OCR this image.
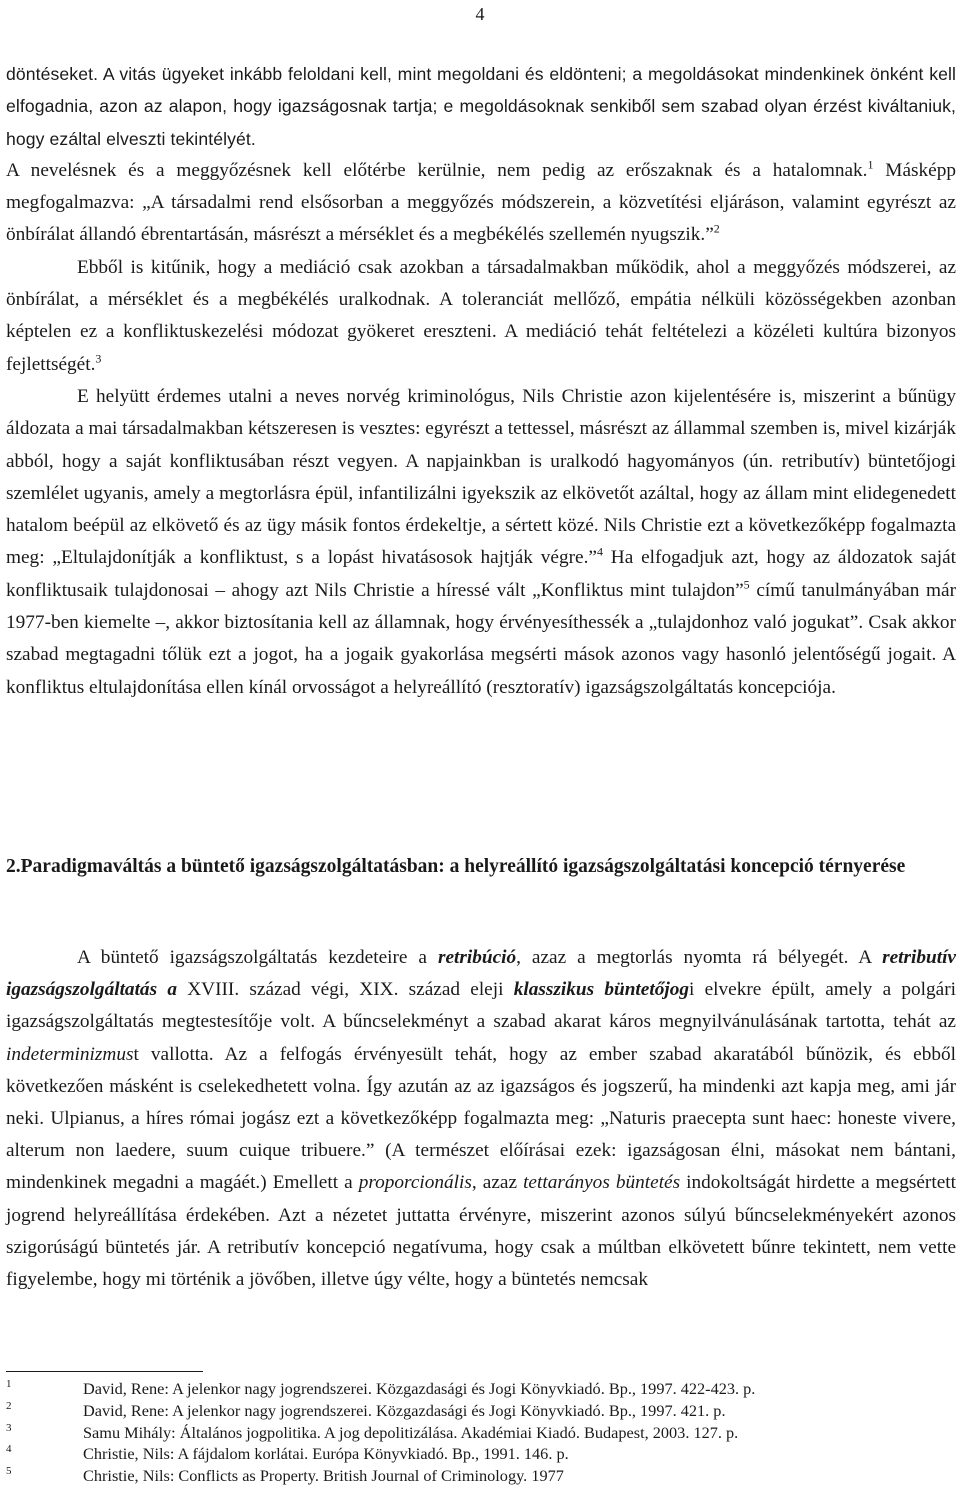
4

döntéseket. A vitás ügyeket inkább feloldani kell, mint megoldani és eldönteni; a megoldásokat mindenkinek önként kell elfogadnia, azon az alapon, hogy igazságosnak tartja; e megoldásoknak senkiből sem szabad olyan érzést kiváltaniuk, hogy ezáltal elveszti tekintélyét.

A nevelésnek és a meggyőzésnek kell előtérbe kerülnie, nem pedig az erőszaknak és a hatalomnak.$^1$ Másképp megfogalmazva: „A társadalmi rend elsősorban a meggyőzés módszerein, a közvetítési eljáráson, valamint egyrészt az önbírálat állandó ébrentartásán, másrészt a mérséklet és a megbékélés szellemén nyugszik.”$^2$

Ebből is kitűnik, hogy a mediáció csak azokban a társadalmakban működik, ahol a meggyőzés módszerei, az önbírálat, a mérséklet és a megbékélés uralkodnak. A toleranciát mellőző, empátia nélküli közösségekben azonban képtelen ez a konfliktuskezelési módozat gyökeret ereszteni. A mediáció tehát feltételezi a közéleti kultúra bizonyos fejlettségét.$^3$

E helyütt érdemes utalni a neves norvég kriminológus, Nils Christie azon kijelentésére is, miszerint a bűnügy áldozata a mai társadalmakban kétszeresen is vesztes: egyrészt a tettessel, másrészt az állammal szemben is, mivel kizárják abból, hogy a saját konfliktusában részt vegyen. A napjainkban is uralkodó hagyományos (ún. retributív) büntetőjogi szemlélet ugyanis, amely a megtorlásra épül, infantilizálni igyekszik az elkövetőt azáltal, hogy az állam mint elidegenedett hatalom beépül az elkövető és az ügy másik fontos érdekeltje, a sértett közé. Nils Christie ezt a következőképp fogalmazta meg: „Eltulajdonítják a konfliktust, s a lopást hivatásosok hajtják végre.”$^4$ Ha elfogadjuk azt, hogy az áldozatok saját konfliktusaik tulajdonosai – ahogy azt Nils Christie a híressé vált „Konfliktus mint tulajdon”$^5$ című tanulmányában már 1977-ben kiemelte –, akkor biztosítania kell az államnak, hogy érvényesíthessék a „tulajdonhoz való jogukat”. Csak akkor szabad megtagadni tőlük ezt a jogot, ha a jogaik gyakorlása megsérti mások azonos vagy hasonló jelentőségű jogait. A konfliktus eltulajdonítása ellen kínál orvosságot a helyreállító (resztoratív) igazságszolgáltatás koncepciója.

2.Paradigmaváltás a büntető igazságszolgáltatásban: a helyreállító igazságszolgáltatási koncepció térnyerése

A büntető igazságszolgáltatás kezdeteire a retribúció, azaz a megtorlás nyomta rá bélyegét. A retributív igazságszolgáltatás a XVIII. század végi, XIX. század eleji klasszikus büntetőjogi elvekre épült, amely a polgári igazságszolgáltatás megtestesítője volt. A bűncselekményt a szabad akarat káros megnyilvánulásának tartotta, tehát az indeterminizmust vallotta. Az a felfogás érvényesült tehát, hogy az ember szabad akaratából bűnözik, és ebből következően másként is cselekedhetett volna. Így azután az az igazságos és jogszerű, ha mindenki azt kapja meg, ami jár neki. Ulpianus, a híres római jogász ezt a következőképp fogalmazta meg: „Naturis praecepta sunt haec: honeste vivere, alterum non laedere, suum cuique tribuere.” (A természet előírásai ezek: igazságosan élni, másokat nem bántani, mindenkinek megadni a magáét.) Emellett a proporcionális, azaz tettarányos büntetés indokoltságát hirdette a megsértett jogrend helyreállítása érdekében. Azt a nézetet juttatta érvényre, miszerint azonos súlyú bűncselekményekért azonos szigorúságú büntetés jár. A retributív koncepció negatívuma, hogy csak a múltban elkövetett bűnre tekintett, nem vette figyelembe, hogy mi történik a jövőben, illetve úgy vélte, hogy a büntetés nemcsak

1	David, Rene: A jelenkor nagy jogrendszerei. Közgazdasági és Jogi Könyvkiadó. Bp., 1997. 422-423. p.
2	David, Rene: A jelenkor nagy jogrendszerei. Közgazdasági és Jogi Könyvkiadó. Bp., 1997. 421. p.
3	Samu Mihály: Általános jogpolitika. A jog depolitizálása. Akadémiai Kiadó. Budapest, 2003. 127. p.
4	Christie, Nils: A fájdalom korlátai. Európa Könyvkiadó. Bp., 1991. 146. p.
5	Christie, Nils: Conflicts as Property. British Journal of Criminology. 1977
